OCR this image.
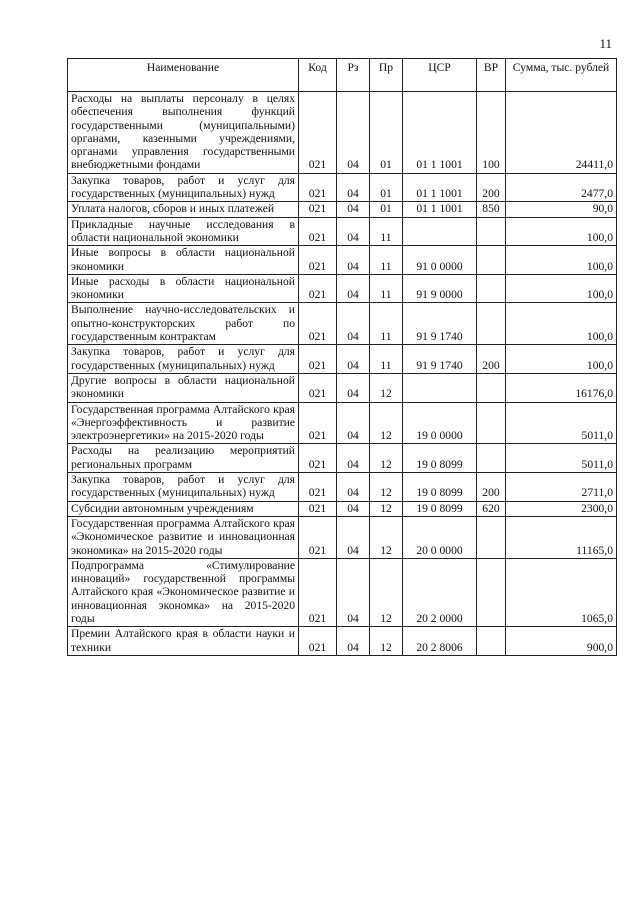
11
Наименование	Код	Рз	Пр	ЦСР	ВР	Сумма, тыс. рублей
Расходы на выплаты персоналу в целях обеспечения выполнения функций государственными (муниципальными) органами, казенными учреждениями, органами управления государственными внебюджетными фондами	021	04	01	01 1 1001	100	24411,0
Закупка товаров, работ и услуг для государственных (муниципальных) нужд	021	04	01	01 1 1001	200	2477,0
Уплата налогов, сборов и иных платежей	021	04	01	01 1 1001	850	90,0
Прикладные научные исследования в области национальной экономики	021	04	11			100,0
Иные вопросы в области национальной экономики	021	04	11	91 0 0000		100,0
Иные расходы в области национальной экономики	021	04	11	91 9 0000		100,0
Выполнение научно-исследовательских и опытно-конструкторских работ по государственным контрактам	021	04	11	91 9 1740		100,0
Закупка товаров, работ и услуг для государственных (муниципальных) нужд	021	04	11	91 9 1740	200	100,0
Другие вопросы в области национальной экономики	021	04	12			16176,0
Государственная программа Алтайского края «Энергоэффективность и развитие электроэнергетики» на 2015-2020 годы	021	04	12	19 0 0000		5011,0
Расходы на реализацию мероприятий региональных программ	021	04	12	19 0 8099		5011,0
Закупка товаров, работ и услуг для государственных (муниципальных) нужд	021	04	12	19 0 8099	200	2711,0
Субсидии автономным учреждениям	021	04	12	19 0 8099	620	2300,0
Государственная программа Алтайского края «Экономическое развитие и инновационная экономика» на 2015-2020 годы	021	04	12	20 0 0000		11165,0
Подпрограмма «Стимулирование инноваций» государственной программы Алтайского края «Экономическое развитие и инновационная экономка» на 2015-2020 годы	021	04	12	20 2 0000		1065,0
Премии Алтайского края в области науки и техники	021	04	12	20 2 8006		900,0
